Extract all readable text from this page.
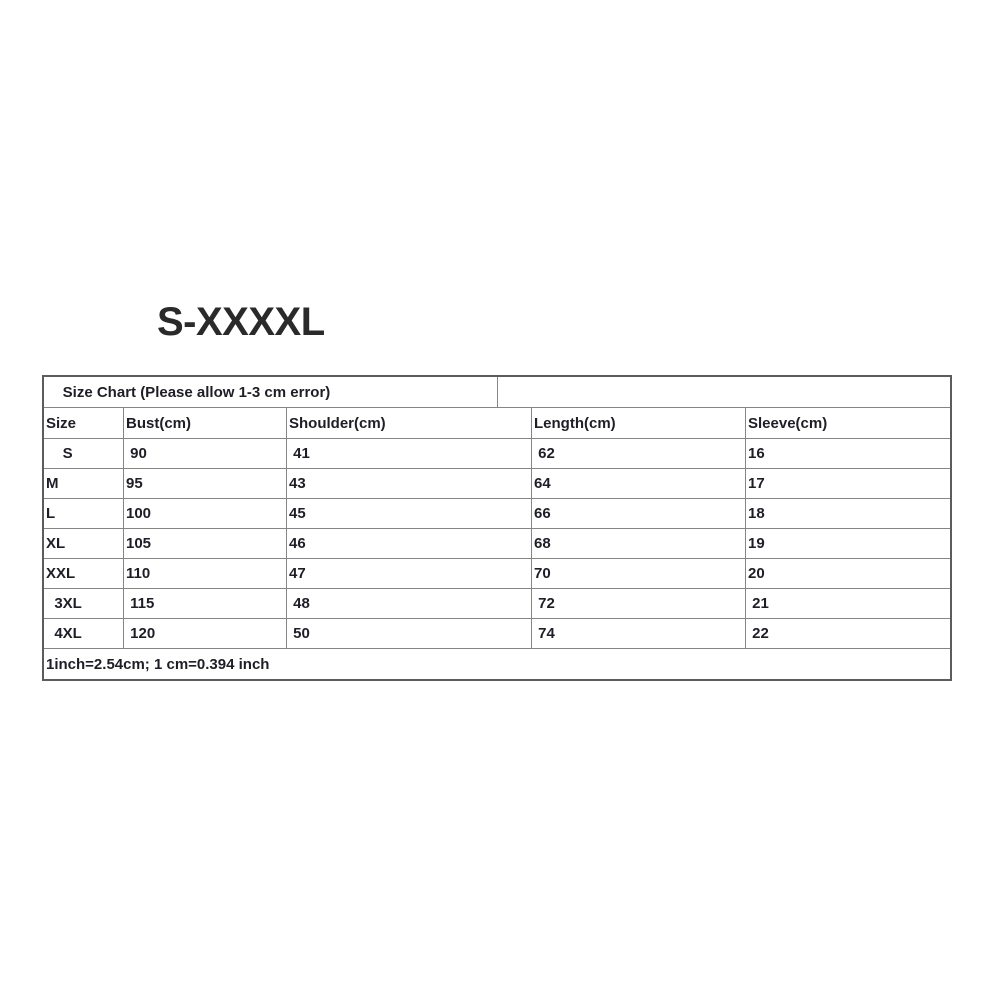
S-XXXXL
Size Chart (Please allow 1-3 cm error)
Size	Bust(cm)	Shoulder(cm)	Length(cm)	Sleeve(cm)
S	90	41	62	16
M	95	43	64	17
L	100	45	66	18
XL	105	46	68	19
XXL	110	47	70	20
3XL	115	48	72	21
4XL	120	50	74	22
1inch=2.54cm; 1 cm=0.394 inch
